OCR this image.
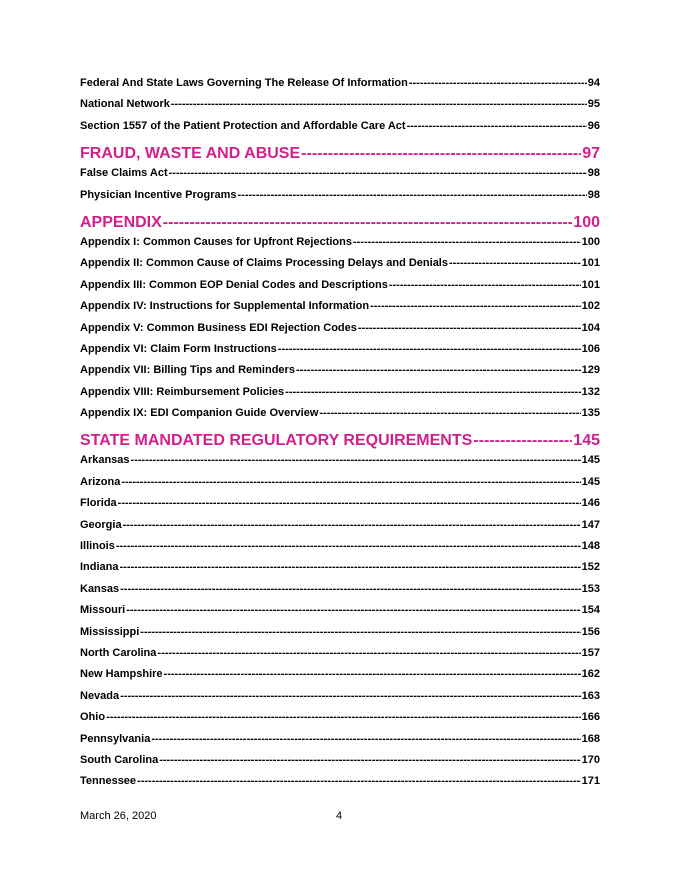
Federal And State Laws Governing The Release Of Information -----	94
National Network -----	95
Section 1557 of the Patient Protection and Affordable Care Act -----	96
FRAUD, WASTE AND ABUSE -----	97
False Claims Act -----	98
Physician Incentive Programs -----	98
APPENDIX -----	100
Appendix I: Common Causes for Upfront Rejections -----	100
Appendix II: Common Cause of Claims Processing Delays and Denials -----	101
Appendix III: Common EOP Denial Codes and Descriptions -----	101
Appendix IV: Instructions for Supplemental Information -----	102
Appendix V: Common Business EDI Rejection Codes -----	104
Appendix VI: Claim Form Instructions -----	106
Appendix VII: Billing Tips and Reminders -----	129
Appendix VIII: Reimbursement Policies -----	132
Appendix IX: EDI Companion Guide Overview -----	135
STATE MANDATED REGULATORY REQUIREMENTS -----	145
Arkansas -----	145
Arizona -----	145
Florida -----	146
Georgia -----	147
Illinois -----	148
Indiana -----	152
Kansas -----	153
Missouri -----	154
Mississippi -----	156
North Carolina -----	157
New Hampshire -----	162
Nevada -----	163
Ohio -----	166
Pennsylvania -----	168
South Carolina -----	170
Tennessee -----	171
March 26, 2020	4
